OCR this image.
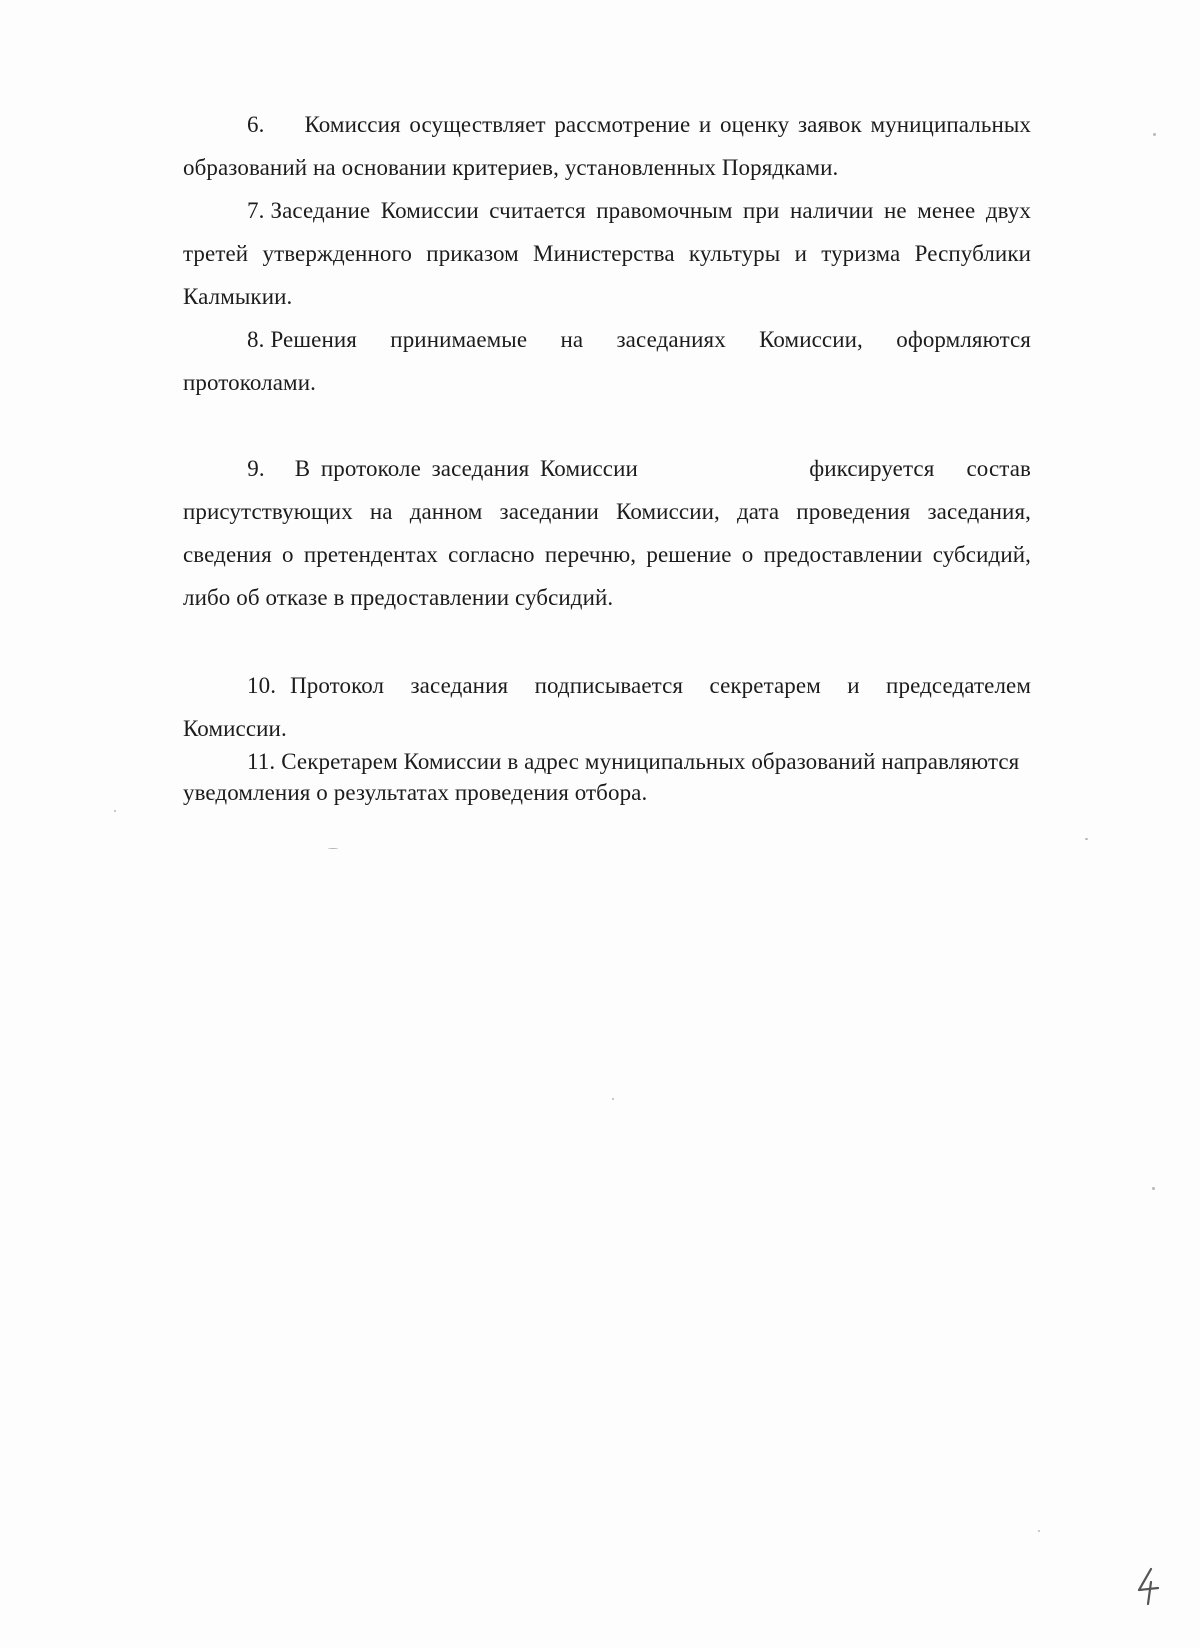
6. Комиссия осуществляет рассмотрение и оценку заявок муниципальных образований на основании критериев, установленных Порядками.

7. Заседание Комиссии считается правомочным при наличии не менее двух третей утвержденного приказом Министерства культуры и туризма Республики Калмыкии.

8. Решения принимаемые на заседаниях Комиссии, оформляются протоколами.

9. В протоколе заседания Комиссии                фиксируется   состав присутствующих на данном заседании Комиссии, дата проведения заседания, сведения о претендентах согласно перечню, решение о предоставлении субсидий, либо об отказе в предоставлении субсидий.

10. Протокол заседания подписывается секретарем и председателем Комиссии.

11. Секретарем Комиссии в адрес муниципальных образований направляются уведомления о результатах проведения отбора.
